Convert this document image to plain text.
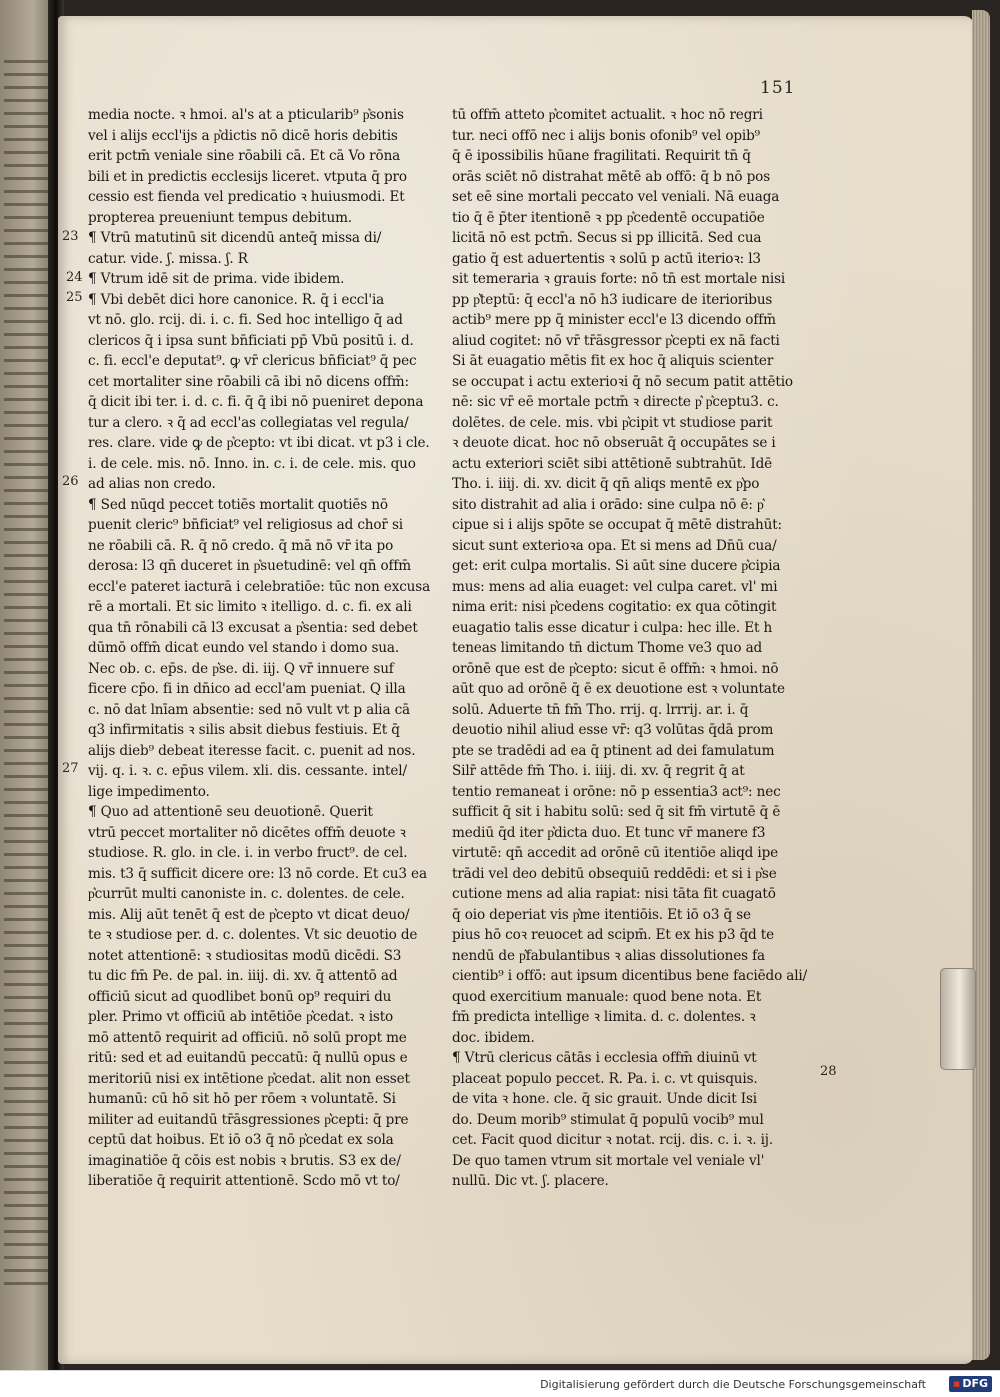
151
media nocte. ꝛ hmoi. al's at a pticularib⁹ p͛sonis
vel i alijs eccl'ijs a p͛dictis nō dicē horis debitis
erit pctm̄ veniale sine rōabili cā. Et cā Vo rōna
bili et in predictis ecclesijs liceret. vtputa q̄ pro
cessio est fienda vel predicatio ꝛ huiusmodi. Et
propterea preueniunt tempus debitum.
¶ Vtrū matutinū sit dicendū anteq̄ missa di/
catur. vide. ʃ. missa. ʃ. R
¶ Vtrum idē sit de prima. vide ibidem.
¶ Vbi debēt dici hore canonice. R. q̄ i eccl'ia
vt nō. glo. rcij. di. i. c. fi. Sed hoc intelligo q̄ ad
clericos q̄ i ipsa sunt bn̄ficiati pp̄ Vbū positū i. d.
c. fi. eccl'e deputat⁹. ꝙ vr̄ clericus bn̄ficiat⁹ q̄ pec
cet mortaliter sine rōabili cā ibi nō dicens offm̄:
q̄ dicit ibi ter. i. d. c. fi. q̄ q̄ ibi nō pueniret depona
tur a clero. ꝛ q̄ ad eccl'as collegiatas vel regula/
res. clare. vide ꝙ de p͛cepto: vt ibi dicat. vt p3 i cle.
i. de cele. mis. nō. Inno. in. c. i. de cele. mis. quo
ad alias non credo.
¶ Sed nūqd peccet totiēs mortalit quotiēs nō
puenit cleric⁹ bn̄ficiat⁹ vel religiosus ad chor̄ si
ne rōabili cā. R. q̄ nō credo. q̄ mā nō vr̄ ita po
derosa: l3 qn̄ duceret in p͛suetudinē: vel qn̄ offm̄
eccl'e pateret iacturā i celebratiōe: tūc non excusa
rē a mortali. Et sic limito ꝛ itelligo. d. c. fi. ex ali
qua tn̄ rōnabili cā l3 excusat a p͛sentia: sed debet
dūmō offm̄ dicat eundo vel stando i domo sua.
Nec ob. c. ep̄s. de p͛se. di. iij. Q vr̄ innuere suf
ficere cp̄o. fi in dn̄ico ad eccl'am pueniat. Q illa
c. nō dat lnīam absentie: sed nō vult vt p alia cā
q3 infirmitatis ꝛ silis absit diebus festiuis. Et q̄
alijs dieb⁹ debeat iteresse facit. c. puenit ad nos.
vij. q. i. ꝛ. c. ep̄us vilem. xli. dis. cessante. intel/
lige impedimento.
¶ Quo ad attentionē seu deuotionē. Querit
vtrū peccet mortaliter nō dicētes offm̄ deuote ꝛ
studiose. R. glo. in cle. i. in verbo fruct⁹. de cel.
mis. t3 q̄ sufficit dicere ore: l3 nō corde. Et cu3 ea
p͛currūt multi canoniste in. c. dolentes. de cele.
mis. Alij aūt tenēt q̄ est de p͛cepto vt dicat deuo/
te ꝛ studiose per. d. c. dolentes. Vt sic deuotio de
notet attentionē: ꝛ studiositas modū dicēdi. S3
tu dic fm̄ Pe. de pal. in. iiij. di. xv. q̄ attentō ad
officiū sicut ad quodlibet bonū op⁹ requiri du
pler. Primo vt officiū ab intētiōe p͛cedat. ꝛ isto
mō attentō requirit ad officiū. nō solū propt me
ritū: sed et ad euitandū peccatū: q̄ nullū opus e
meritoriū nisi ex intētione p͛cedat. alit non esset
humanū: cū hō sit hō per rōem ꝛ voluntatē. Si
militer ad euitandū tr̄āsgressiones p͛cepti: q̄ pre
ceptū dat hoibus. Et iō o3 q̄ nō p͛cedat ex sola
imaginatiōe q̄ cōis est nobis ꝛ brutis. S3 ex de/
liberatiōe q̄ requirit attentionē. Scdo mō vt to/
tū offm̄ atteto p͛comitet actualit. ꝛ hoc nō regri
tur. neci offō nec i alijs bonis ofonib⁹ vel opib⁹
q̄ ē ipossibilis hūane fragilitati. Requirit tn̄ q̄
orās sciēt nō distrahat mētē ab offō: q̄ b nō pos
set eē sine mortali peccato vel veniali. Nā euaga
tio q̄ ē p̄ter itentionē ꝛ pp p͛cedentē occupatiōe
licitā nō est pctm̄. Secus si pp illicitā. Sed cua
gatio q̄ est aduertentis ꝛ solū p actū iterioꝛ: l3
sit temeraria ꝛ grauis forte: nō tn̄ est mortale nisi
pp p͛teptū: q̄ eccl'a nō h3 iudicare de iterioribus
actib⁹ mere pp q̄ minister eccl'e l3 dicendo offm̄
aliud cogitet: nō vr̄ tr̄āsgressor p͛cepti ex nā facti
Si āt euagatio mētis fit ex hoc q̄ aliquis scienter
se occupat i actu exterioꝛi q̄ nō secum patit attētio
nē: sic vr̄ eē mortale pctm̄ ꝛ directe p͛ p͛ceptu3. c.
dolētes. de cele. mis. vbi p͛cipit vt studiose parit
ꝛ deuote dicat. hoc nō obseruāt q̄ occupātes se i
actu exteriori sciēt sibi attētionē subtrahūt. Idē
Tho. i. iiij. di. xv. dicit q̄ qn̄ aliqs mentē ex p͛po
sito distrahit ad alia i orādo: sine culpa nō ē: p͛
cipue si i alijs spōte se occupat q̄ mētē distrahūt:
sicut sunt exterioꝛa opa. Et si mens ad Dn̄ū cua/
get: erit culpa mortalis. Si aūt sine ducere p͛cipia
mus: mens ad alia euaget: vel culpa caret. vl' mi
nima erit: nisi p͛cedens cogitatio: ex qua cōtingit
euagatio talis esse dicatur i culpa: hec ille. Et h
teneas limitando tn̄ dictum Thome ve3 quo ad
orōnē que est de p͛cepto: sicut ē offm̄: ꝛ hmoi. nō
aūt quo ad orōnē q̄ ē ex deuotione est ꝛ voluntate
solū. Aduerte tn̄ fm̄ Tho. rrij. q. lrrrij. ar. i. q̄
deuotio nihil aliud esse vr̄: q3 volūtas q̄dā prom
pte se tradēdi ad ea q̄ ptinent ad dei famulatum
Silr̄ attēde fm̄ Tho. i. iiij. di. xv. q̄ regrit q̄ at
tentio remaneat i orōne: nō p essentia3 act⁹: nec
sufficit q̄ sit i habitu solū: sed q̄ sit fm̄ virtutē q̄ ē
mediū q̄d iter p͛dicta duo. Et tunc vr̄ manere f3
virtutē: qn̄ accedit ad orōnē cū itentiōe aliqd ipe
trādi vel deo debitū obsequiū reddēdi: et si i p͛se
cutione mens ad alia rapiat: nisi tāta fit cuagatō
q̄ oio deperiat vis p͛me itentiōis. Et iō o3 q̄ se
pius hō coꝛ reuocet ad scipm̄. Et ex his p3 q̄d te
nendū de p͛fabulantibus ꝛ alias dissolutiones fa
cientib⁹ i offō: aut ipsum dicentibus bene faciēdo ali/
quod exercitium manuale: quod bene nota. Et
fm̄ predicta intellige ꝛ limita. d. c. dolentes. ꝛ
doc. ibidem.
¶ Vtrū clericus cātās i ecclesia offm̄ diuinū vt
placeat populo peccet. R. Pa. i. c. vt quisquis.
de vita ꝛ hone. cle. q̄ sic grauit. Unde dicit Isi
do. Deum morib⁹ stimulat q̄ populū vocib⁹ mul
cet. Facit quod dicitur ꝛ notat. rcij. dis. c. i. ꝛ. ij.
De quo tamen vtrum sit mortale vel veniale vl'
nullū. Dic vt. ʃ. placere.
23
24
25
26
27
28
Digitalisierung gefördert durch die Deutsche Forschungsgemeinschaft	▪ DFG
